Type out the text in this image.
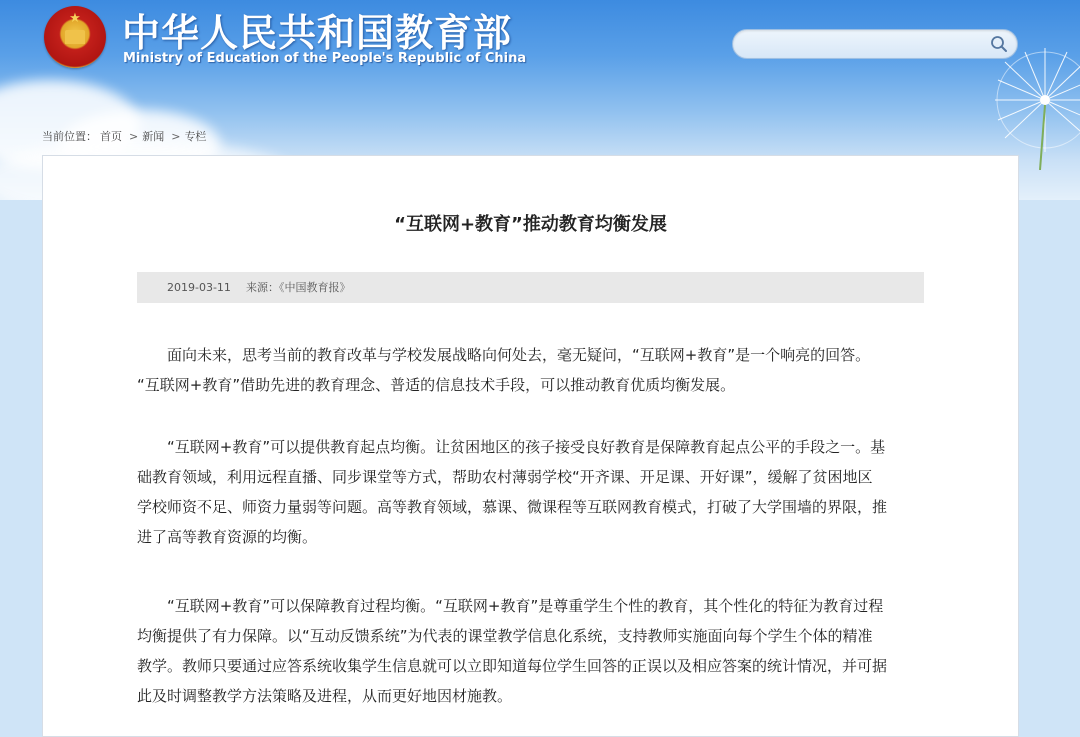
★	中华人民共和国教育部
Ministry of Education of the People's Republic of China
当前位置： 首页 > 新闻 > 专栏
“互联网+教育”推动教育均衡发展
2019-03-11 来源：《中国教育报》
面向未来，思考当前的教育改革与学校发展战略向何处去，毫无疑问，“互联网+教育”是一个响亮的回答。
“互联网+教育”借助先进的教育理念、普适的信息技术手段，可以推动教育优质均衡发展。
“互联网+教育”可以提供教育起点均衡。让贫困地区的孩子接受良好教育是保障教育起点公平的手段之一。基
础教育领域，利用远程直播、同步课堂等方式，帮助农村薄弱学校“开齐课、开足课、开好课”，缓解了贫困地区
学校师资不足、师资力量弱等问题。高等教育领域，慕课、微课程等互联网教育模式，打破了大学围墙的界限，推
进了高等教育资源的均衡。
“互联网+教育”可以保障教育过程均衡。“互联网+教育”是尊重学生个性的教育，其个性化的特征为教育过程
均衡提供了有力保障。以“互动反馈系统”为代表的课堂教学信息化系统，支持教师实施面向每个学生个体的精准
教学。教师只要通过应答系统收集学生信息就可以立即知道每位学生回答的正误以及相应答案的统计情况，并可据
此及时调整教学方法策略及进程，从而更好地因材施教。
